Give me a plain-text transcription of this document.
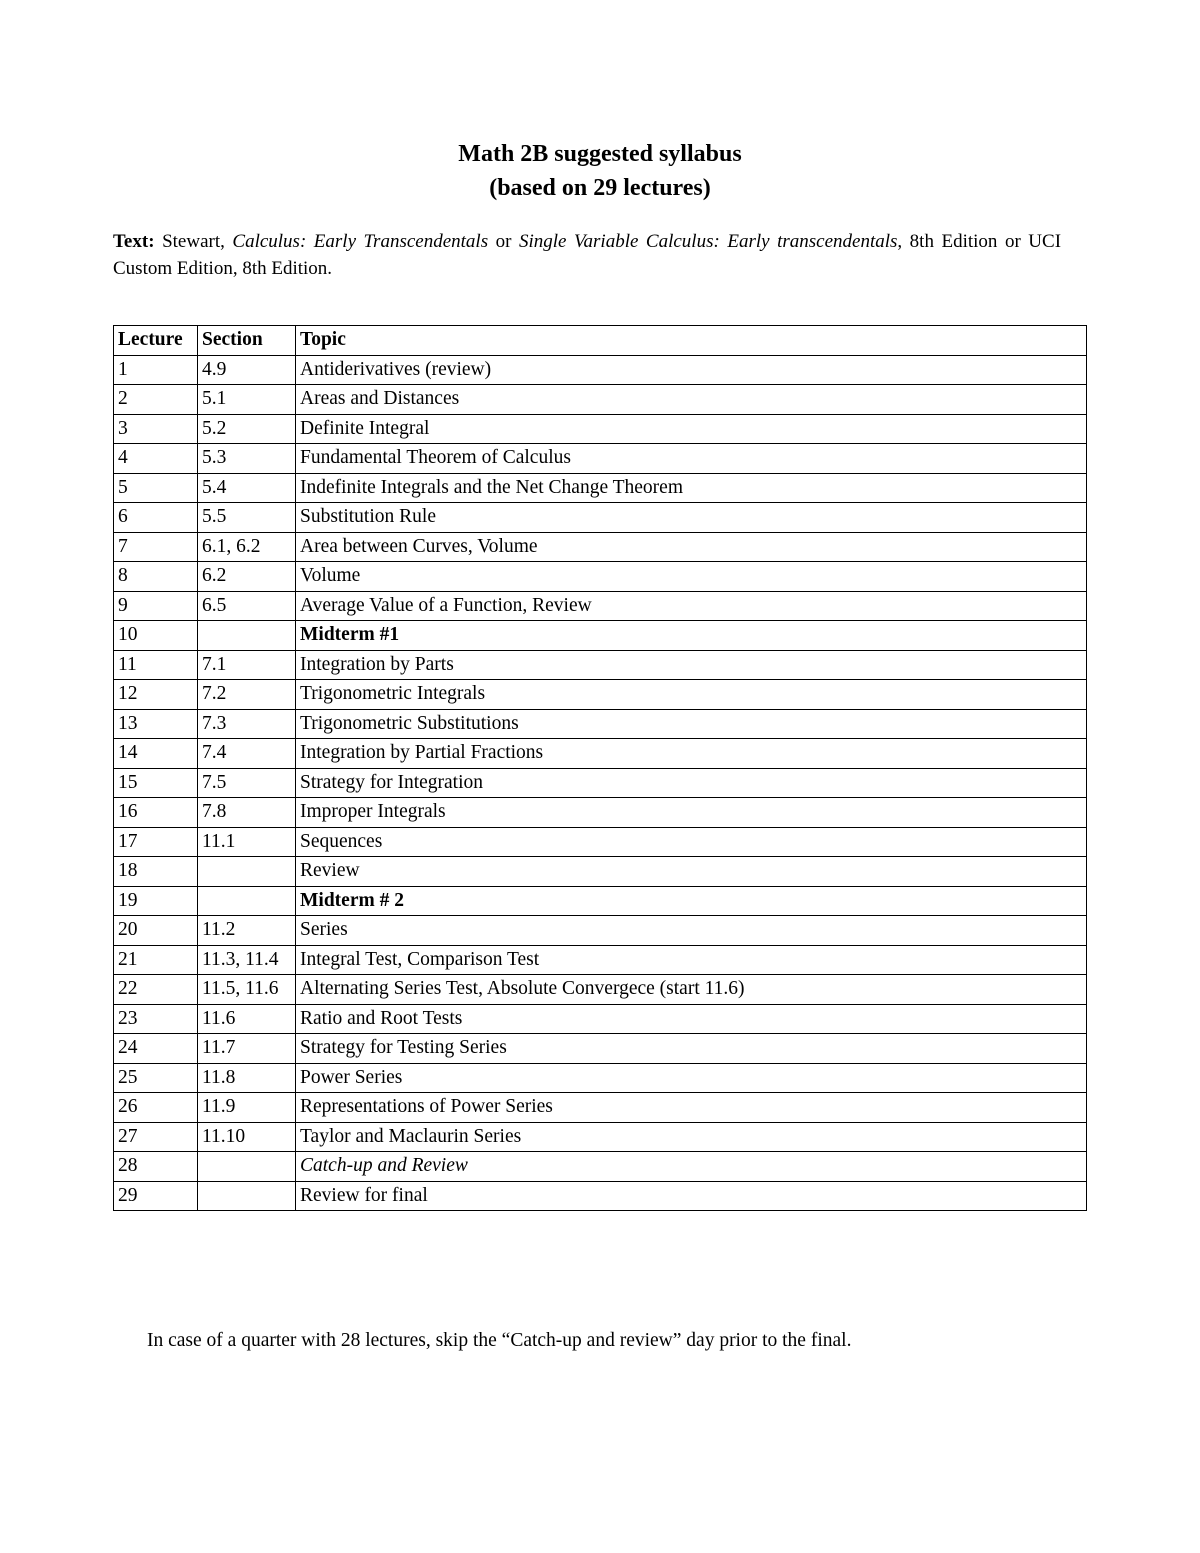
Math 2B suggested syllabus
(based on 29 lectures)
Text: Stewart, Calculus: Early Transcendentals or Single Variable Calculus: Early transcendentals, 8th Edition or UCI Custom Edition, 8th Edition.
Lecture	Section	Topic
1	4.9	Antiderivatives (review)
2	5.1	Areas and Distances
3	5.2	Definite Integral
4	5.3	Fundamental Theorem of Calculus
5	5.4	Indefinite Integrals and the Net Change Theorem
6	5.5	Substitution Rule
7	6.1, 6.2	Area between Curves, Volume
8	6.2	Volume
9	6.5	Average Value of a Function, Review
10		Midterm #1
11	7.1	Integration by Parts
12	7.2	Trigonometric Integrals
13	7.3	Trigonometric Substitutions
14	7.4	Integration by Partial Fractions
15	7.5	Strategy for Integration
16	7.8	Improper Integrals
17	11.1	Sequences
18		Review
19		Midterm # 2
20	11.2	Series
21	11.3, 11.4	Integral Test, Comparison Test
22	11.5, 11.6	Alternating Series Test, Absolute Convergece (start 11.6)
23	11.6	Ratio and Root Tests
24	11.7	Strategy for Testing Series
25	11.8	Power Series
26	11.9	Representations of Power Series
27	11.10	Taylor and Maclaurin Series
28		Catch-up and Review
29		Review for final
In case of a quarter with 28 lectures, skip the “Catch-up and review” day prior to the final.
